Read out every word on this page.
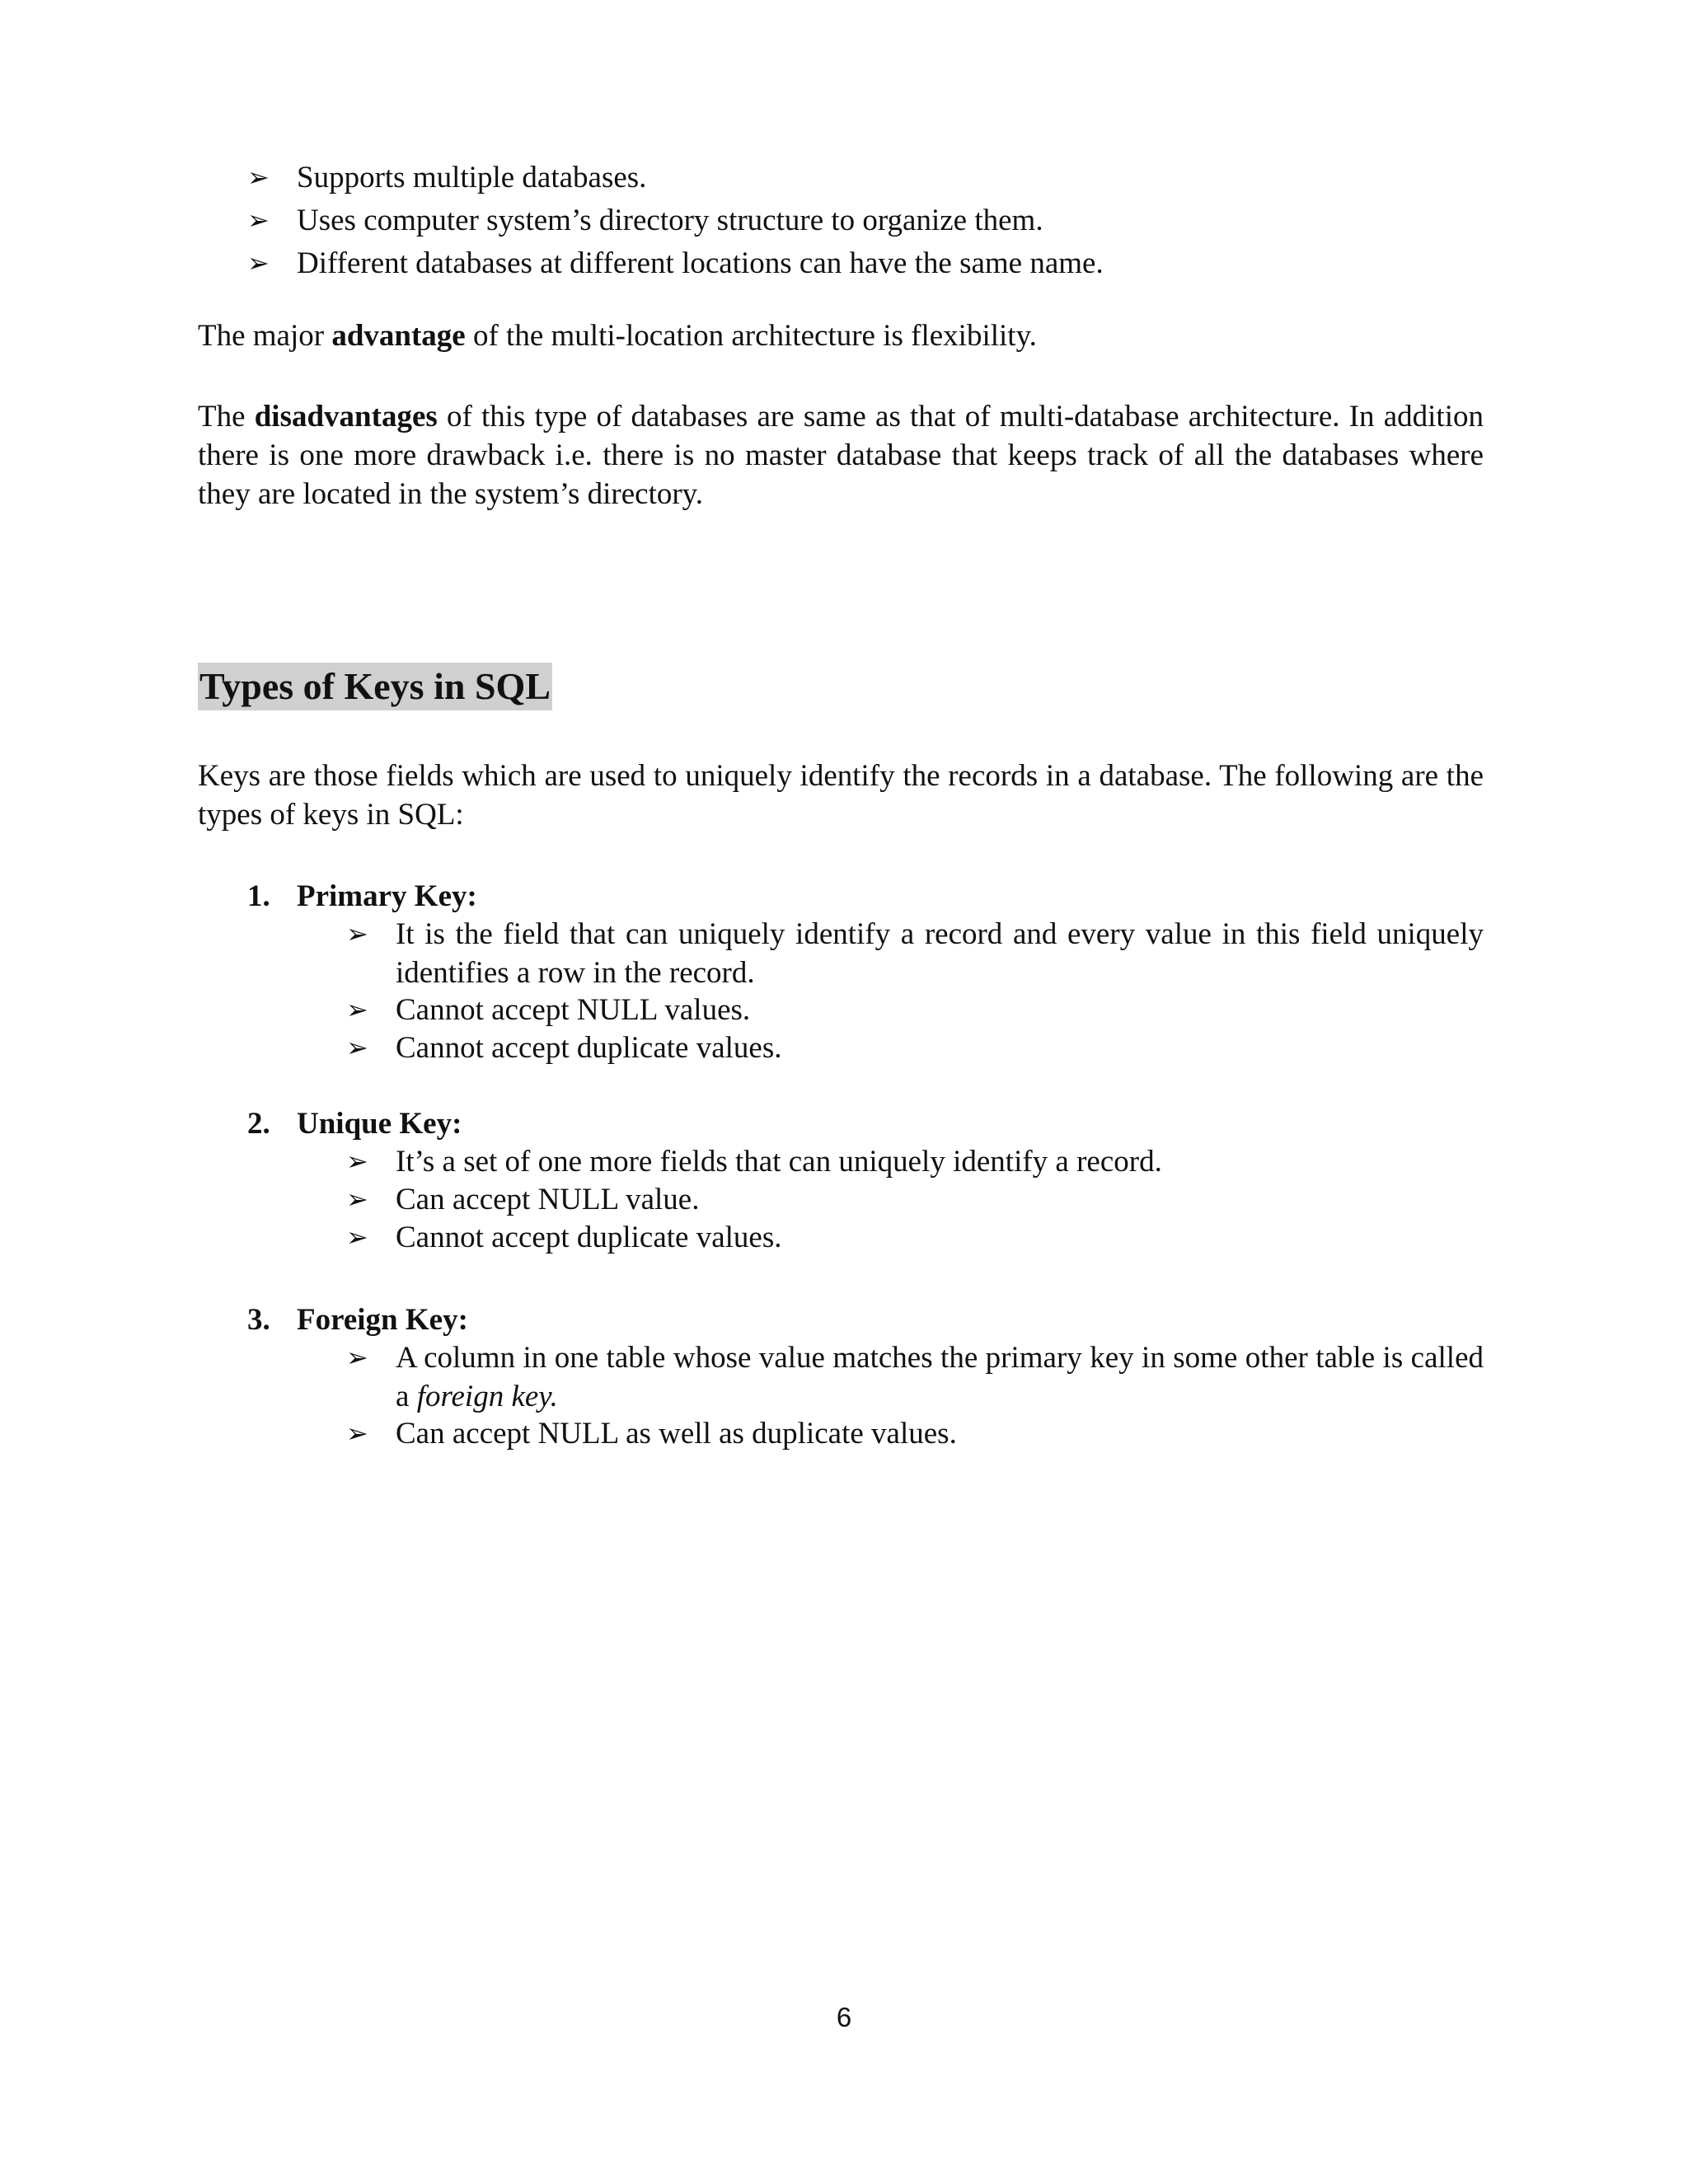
➢ Supports multiple databases.
➢ Uses computer system’s directory structure to organize them.
➢ Different databases at different locations can have the same name.
The major advantage of the multi-location architecture is flexibility.
The disadvantages of this type of databases are same as that of multi-database architecture. In addition there is one more drawback i.e. there is no master database that keeps track of all the databases where they are located in the system’s directory.
Types of Keys in SQL
Keys are those fields which are used to uniquely identify the records in a database. The following are the types of keys in SQL:
1. Primary Key:
➢ It is the field that can uniquely identify a record and every value in this field uniquely identifies a row in the record.
➢ Cannot accept NULL values.
➢ Cannot accept duplicate values.
2. Unique Key:
➢ It’s a set of one more fields that can uniquely identify a record.
➢ Can accept NULL value.
➢ Cannot accept duplicate values.
3. Foreign Key:
➢ A column in one table whose value matches the primary key in some other table is called a foreign key.
➢ Can accept NULL as well as duplicate values.
6
